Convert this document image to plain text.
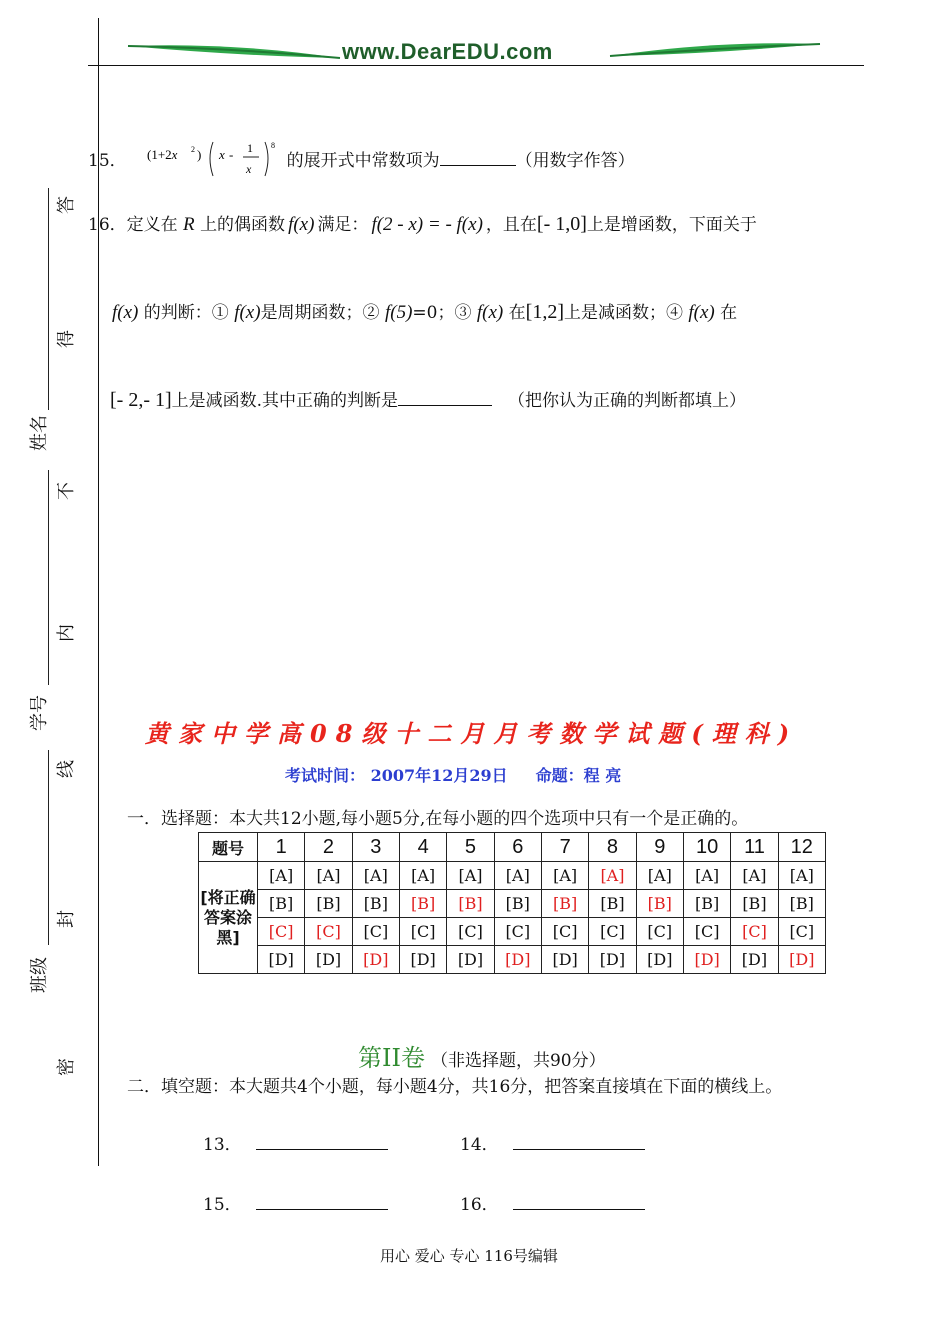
www.DearEDU.com
答
得
不
内
线
封
密
姓名
学号
班级
15． (1+2x 2 ) x - 1
x
8
的展开式中常数项为	（用数字作答）
16．定义在 R 上的偶函数 f(x) 满足： f(2 - x) = - f(x) ，且在[- 1,0]上是增函数，下面关于
f(x) 的判断：① f(x)是周期函数；② f(5)=0；③ f(x) 在[1,2]上是减函数；④ f(x) 在
[- 2,- 1]上是减函数.其中正确的判断是	（把你认为正确的判断都填上）
黄家中学高08级十二月月考数学试题(理科)
考试时间： 2007年12月29日 命题：程 亮
一．选择题：本大共12小题,每小题5分,在每小题的四个选项中只有一个是正确的。
题号	1	2	3	4	5	6	7	8	9	10	11	12
[将正确答案涂黑]	[A]	[A]	[A]	[A]	[A]	[A]	[A]	[A]	[A]	[A]	[A]	[A]
	[B]	[B]	[B]	[B]	[B]	[B]	[B]	[B]	[B]	[B]	[B]	[B]
	[C]	[C]	[C]	[C]	[C]	[C]	[C]	[C]	[C]	[C]	[C]	[C]
	[D]	[D]	[D]	[D]	[D]	[D]	[D]	[D]	[D]	[D]	[D]	[D]
第II卷 （非选择题，共90分）
二．填空题：本大题共4个小题，每小题4分，共16分，把答案直接填在下面的横线上。
13．	14．
15．	16．
用心 爱心 专心 116号编辑
